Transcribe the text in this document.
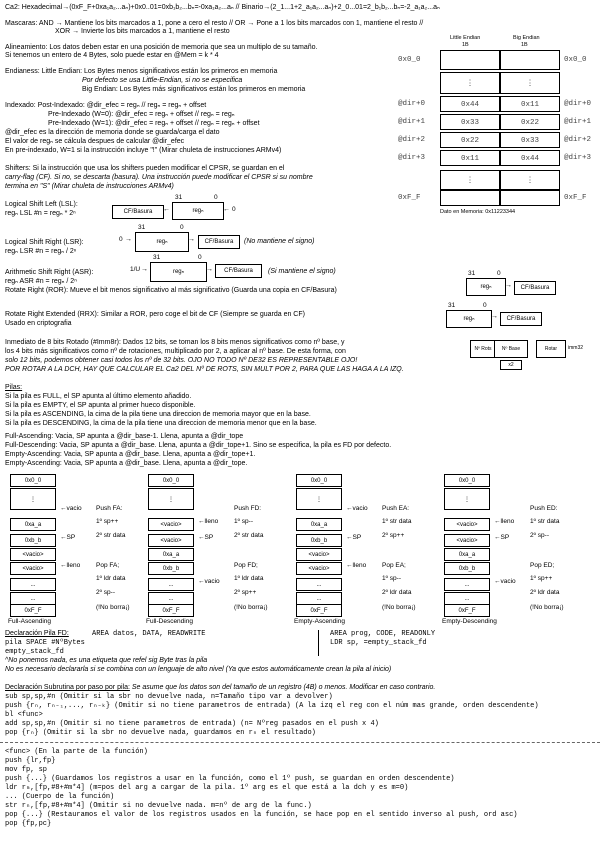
Ca2: Hexadecimal→(0xF_F+0xa₁a₂...aₙ)+0x0..01=0xb₁b₂...bₙ=-0xa₁a₂...aₙ // Binario→(2_1...1+2_a₁a₂...aₙ)+2_0...01=2_b₁b₂...bₙ=-2_a₁a₂...aₙ
Mascaras: AND → Mantiene los bits marcados a 1, pone a cero el resto // OR → Pone a 1 los bits marcados con 1, mantiene el resto //
XOR → Invierte los bits marcados a 1, mantiene el resto
Alineamiento: Los datos deben estar en una posición de memoria que sea un multiplo de su tamaño.
Si tenemos un entero de 4 Bytes, solo puede estar en @Mem = k * 4
Endianess: Little Endian: Los Bytes menos significativos están los primeros en memoria
Por defecto se usa Little-Endian, si no se especifica
Big Endian: Los Bytes más significativos están los primeros en memoria
Indexado: Post-Indexado: @dir_efec = regₙ // regₙ = regₙ + offset
Pre-Indexado (W=0): @dir_efec = regₙ + offset // regₙ = regₙ
Pre-Indexado (W=1): @dir_efec = regₙ + offset // regₙ = regₙ + offset
@dir_efec es la dirección de memoria donde se guarda/carga el dato
El valor de regₙ se cálcula despues de calcular @dir_efec
En pre-indexado, W=1 si la instrucción incluye "!" (Mirar chuleta de instrucciones ARMv4)
Shifters: Si la instrucción que usa los shifters pueden modificar el CPSR, se guardan en el
carry-flag (CF). Si no, se descarta (basura). Una instrucción puede modificar el CPSR si su nombre
termina en "S" (Mirar chuleta de instrucciones ARMv4)
Logical Shift Left (LSL):
regₙ LSL #n = regₙ * 2ⁿ	CF/Basura	←	regₙ
31	0
← 0
Logical Shift Right (LSR):
regₙ LSR #n = regₙ / 2ⁿ
0 →	regₙ
31	0
→	CF/Basura	(No mantiene el signo)
Arithmetic Shift Right (ASR):
regₙ ASR #n = regₙ / 2ⁿ
1/U →	regₙ
31	0
→	CF/Basura	(Si mantiene el signo)
Rotate Right (ROR): Mueve el bit menos significativo al más significativo (Guarda una copia en CF/Basura)	regₙ
31	0
→	CF/Basura
Rotate Right Extended (RRX): Similar a ROR, pero coge el bit de CF (Siempre se guarda en CF)
Usado en criptografia
regₙ
31	0
→	CF/Basura
Inmediato de 8 bits Rotado (#Imm8r): Dados 12 bits, se toman los 8 bits menos significativos como nº base, y
los 4 bits más significativos como nº de rotaciones, multiplicado por 2, a aplicar al nº base. De esta forma, con
solo 12 bits, podemos obtener casi todos los nº de 32 bits. OJO NO TODO Nº DE32 ES REPRESENTABLE OJO!
POR ROTAR A LA DCH, HAY QUE CALCULAR EL Ca2 DEL Nº DE ROTS, SIN MULT POR 2, PARA QUE LAS HAGA A LA IZQ.
Nº Rots	Nº Base	Rotar	imm32
x2
Pilas:
Si la pila es FULL, el SP apunta al último elemento añadido.
Si la pila es EMPTY, el SP apunta al primer hueco disponible.
Si la pila es ASCENDING, la cima de la pila tiene una direccion de memoria mayor que en la base.
Si la pila es DESCENDING, la cima de la pila tiene una direccion de memoria menor que en la base.
Full-Ascending: Vacia, SP apunta a @dir_base-1. Llena, apunta a @dir_tope
Full-Descending: Vacia, SP apunta a @dir_base. Llena, apunta a @dir_tope+1. Sino se especifica, la pila es FD por defecto.
Empty-Ascending: Vacia, SP apunta a @dir_base. Llena, apunta a @dir_tope+1.
Empty-Ascending: Vacia, SP apunta a @dir_base. Llena, apunta a @dir_tope.
Little Endian
1B
Big Endian
1B
0x0_0	0x0_0
⋮	⋮
0x44	0x11
@dir+0	@dir+0
0x33	0x22
@dir+1	@dir+1
0x22	0x33
@dir+2	@dir+2
0x11	0x44
@dir+3	@dir+3
⋮	⋮
0xF_F	0xF_F
Dato en Memoria: 0x11223344
0x0_0
⋮
0xa_a
0xb_b
<vacio>
<vacio>
...
...
0xF_F
Push FA:
1º sp++
2º str data
Pop FA;
1º ldr data
2º sp--
(!No borra¡)
Full-Ascending
←vacio
←SP
←lleno
0x0_0
⋮
<vacio>
<vacio>
0xa_a
0xb_b
...
...
0xF_F
Push FD:
1º sp--
2º str data
Pop FD;
1º ldr data
2º sp++
(!No borra¡)
Full-Descending
←lleno
←SP
←vacio
0x0_0
⋮
0xa_a
0xb_b
<vacio>
<vacio>
...
...
0xF_F
Push EA:
1º str data
2º sp++
Pop EA;
1º sp--
2º ldr data
(!No borra¡)
Empty-Ascending
←vacio
←SP
←lleno
0x0_0
⋮
<vacio>
<vacio>
0xa_a
0xb_b
...
...
0xF_F
Push ED:
1º str data
2º sp--
Pop ED;
1º sp++
2º ldr data
(!No borra¡)
Empty-Descending
←lleno
←SP
←vacio
Declaración Pila FD:	AREA datos, DATA, READWRITE
pila SPACE #NºBytes
empty_stack_fd
AREA prog, CODE, READONLY
LDR sp, =empty_stack_fd
^No ponemos nada, es una etiqueta que refel sig Byte tras la pila
No es necesario declararla si se combina con un lenguaje de alto nivel (Ya que estos automáticamente crean la pila al inicio)
Declaración Subrutina por paso por pila: Se asume que los datos son del tamaño de un registro (4B) o menos. Modificar en caso contrario.
sub sp,sp,#n (Omitir si la sbr no devuelve nada, n=Tamaño tipo var a devolver)
push {rₙ, rₙ₋₁,..., rₙ₋ₖ} (Omitir si no tiene parametros de entrada) (A la izq el reg con el núm mas grande, orden descendente)
bl <func>
add sp,sp,#n (Omitir si no tiene parametros de entrada) (n= Nºreg pasados en el push x 4)
pop {rₙ} (Omitir si la sbr no devuelve nada, guardamos en rₙ el resultado)
<func> (En la parte de la función)
push {lr,fp}
mov fp, sp
push {...} (Guardamos los registros a usar en la función, como el 1º push, se guardan en orden descendente)
ldr rₘ,[fp,#8+#m*4] (m=pos del arg a cargar de la pila. 1º arg es el que está a la dch y es m=0)
... (Cuerpo de la función)
str rₙ,[fp,#8+#m*4] (Omitir si no devuelve nada. m=nº de arg de la func.)
pop {...} (Restauramos el valor de los registros usados en la función, se hace pop en el sentido inverso al push, ord asc)
pop {fp,pc}
